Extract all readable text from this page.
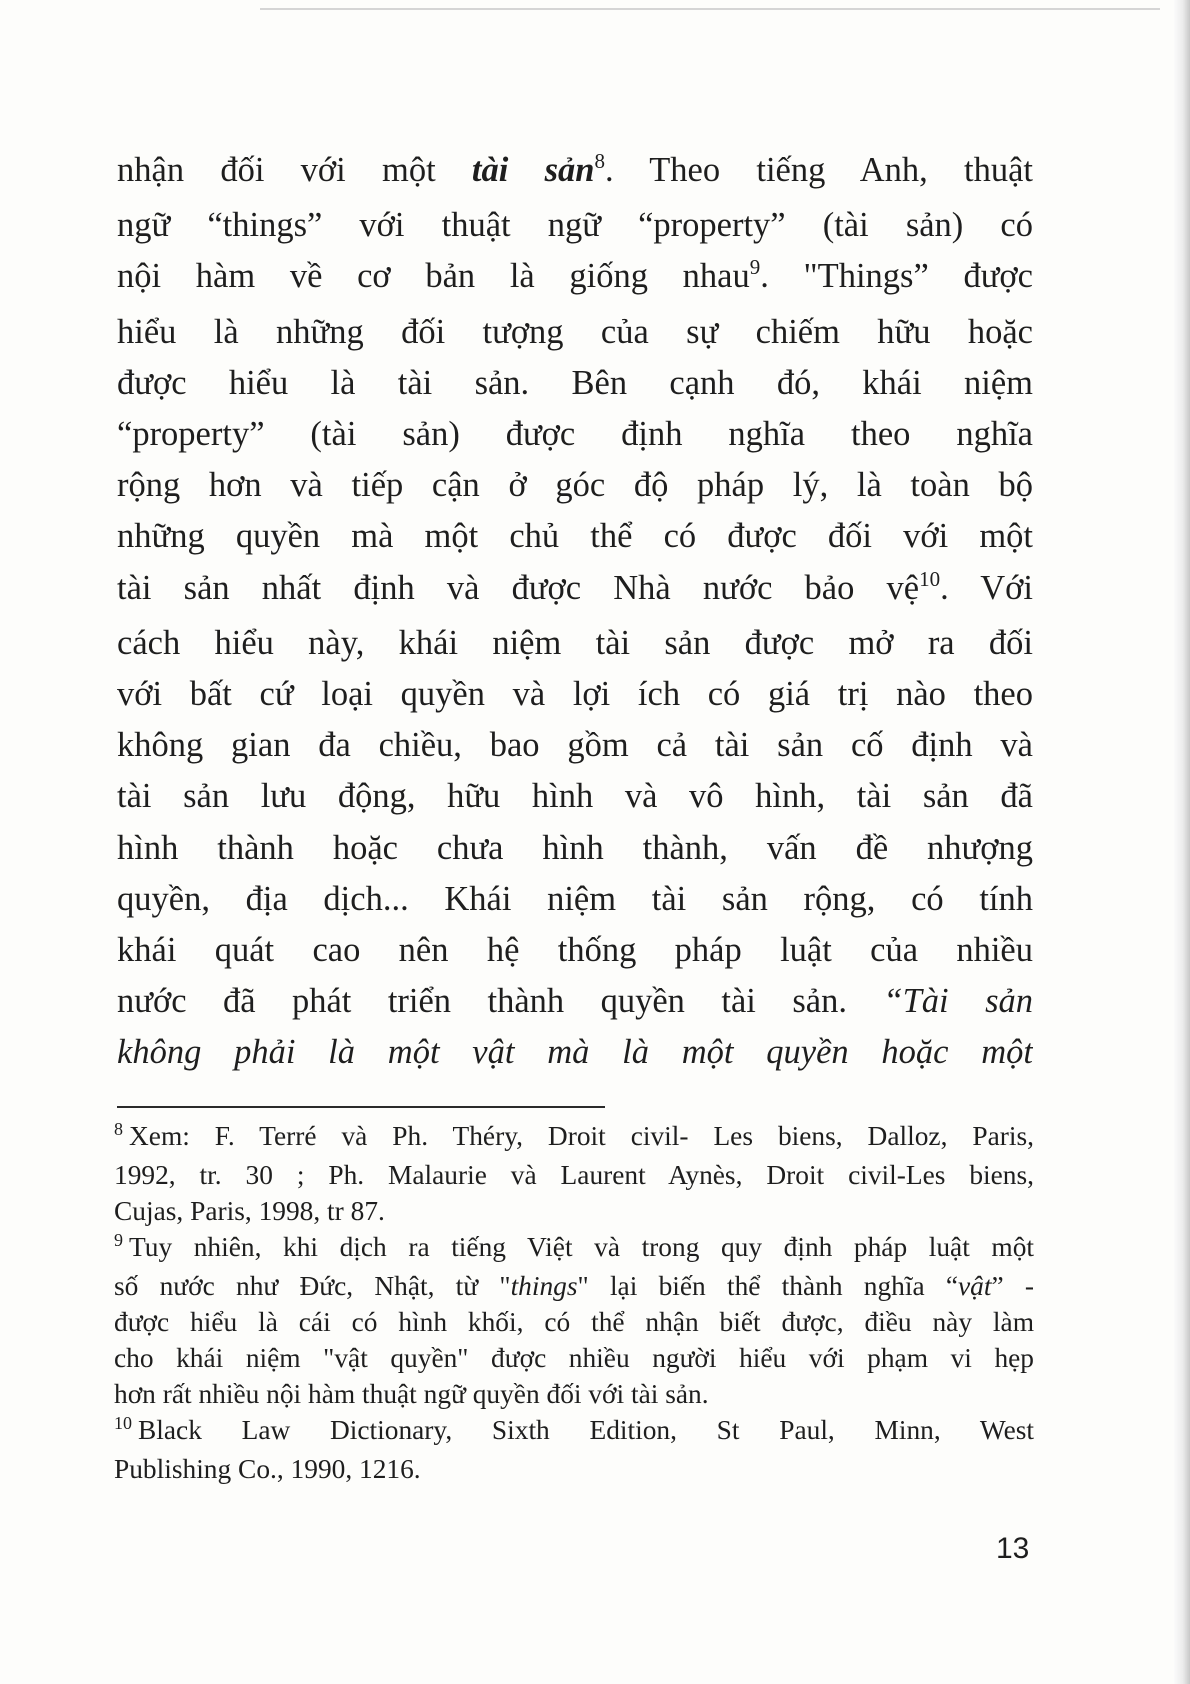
nhận đối với một tài sản$^8$. Theo tiếng Anh, thuật
ngữ “things” với thuật ngữ “property” (tài sản) có
nội hàm về cơ bản là giống nhau$^9$. "Things” được
hiểu là những đối tượng của sự chiếm hữu hoặc
được hiểu là tài sản. Bên cạnh đó, khái niệm
“property” (tài sản) được định nghĩa theo nghĩa
rộng hơn và tiếp cận ở góc độ pháp lý, là toàn bộ
những quyền mà một chủ thể có được đối với một
tài sản nhất định và được Nhà nước bảo vệ$^{10}$. Với
cách hiểu này, khái niệm tài sản được mở ra đối
với bất cứ loại quyền và lợi ích có giá trị nào theo
không gian đa chiều, bao gồm cả tài sản cố định và
tài sản lưu động, hữu hình và vô hình, tài sản đã
hình thành hoặc chưa hình thành, vấn đề nhượng
quyền, địa dịch... Khái niệm tài sản rộng, có tính
khái quát cao nên hệ thống pháp luật của nhiều
nước đã phát triển thành quyền tài sản. “Tài sản
không phải là một vật mà là một quyền hoặc một
$^8$ Xem: F. Terré và Ph. Théry, Droit civil- Les biens, Dalloz, Paris,
1992, tr. 30 ; Ph. Malaurie và Laurent Aynès, Droit civil-Les biens,
Cujas, Paris, 1998, tr 87.
$^9$ Tuy nhiên, khi dịch ra tiếng Việt và trong quy định pháp luật một
số nước như Đức, Nhật, từ "things" lại biến thể thành nghĩa “vật” -
được hiểu là cái có hình khối, có thể nhận biết được, điều này làm
cho khái niệm "vật quyền" được nhiều người hiểu với phạm vi hẹp
hơn rất nhiều nội hàm thuật ngữ quyền đối với tài sản.
$^{10}$ Black Law Dictionary, Sixth Edition, St Paul, Minn, West
Publishing Co., 1990, 1216.
13
